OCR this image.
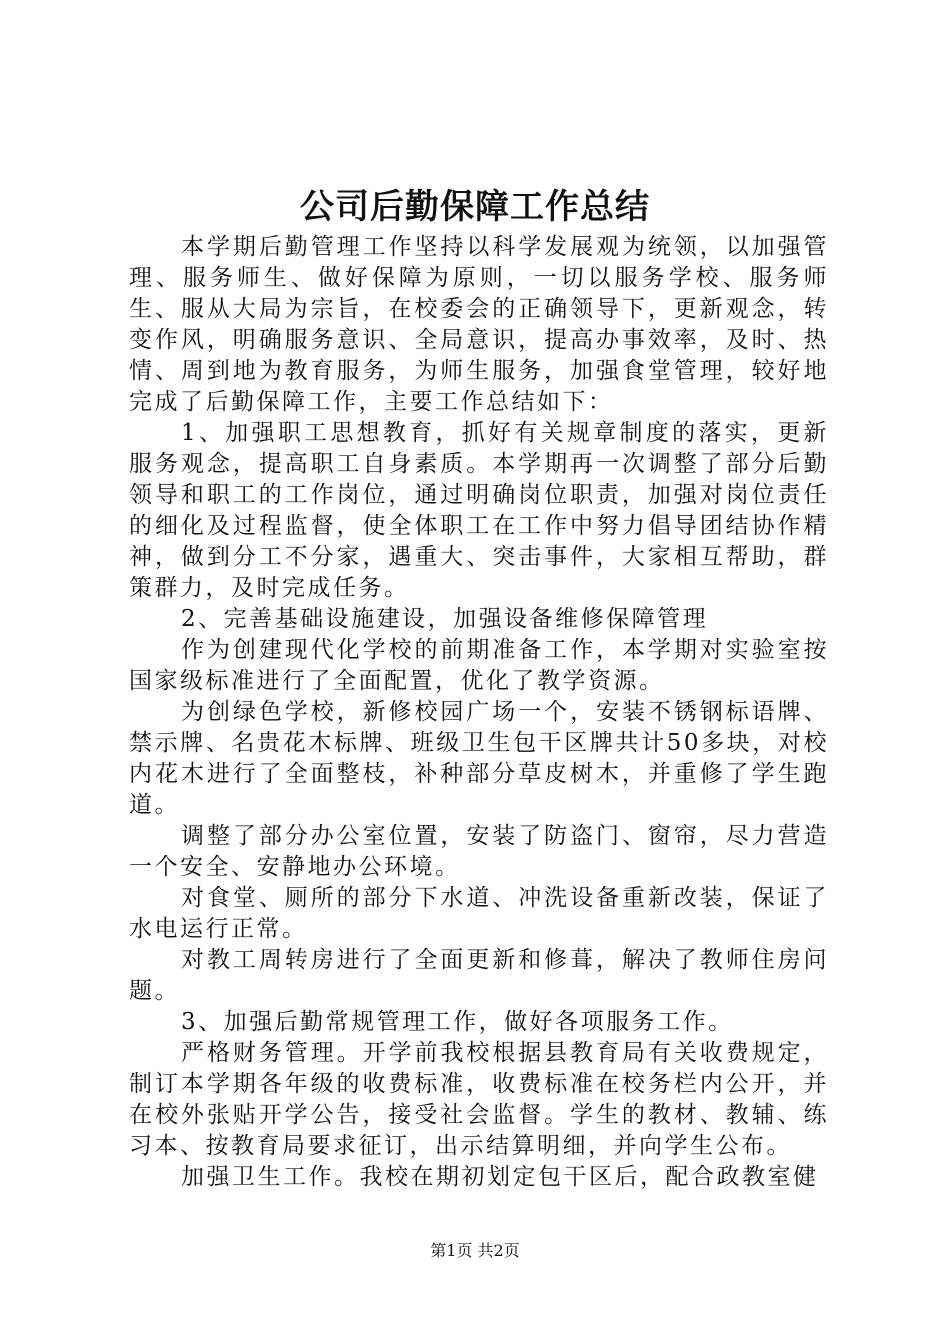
公司后勤保障工作总结

本学期后勤管理工作坚持以科学发展观为统领，以加强管理、服务师生、做好保障为原则，一切以服务学校、服务师生、服从大局为宗旨，在校委会的正确领导下，更新观念，转变作风，明确服务意识、全局意识，提高办事效率，及时、热情、周到地为教育服务，为师生服务，加强食堂管理，较好地完成了后勤保障工作，主要工作总结如下：

1、加强职工思想教育，抓好有关规章制度的落实，更新服务观念，提高职工自身素质。本学期再一次调整了部分后勤领导和职工的工作岗位，通过明确岗位职责，加强对岗位责任的细化及过程监督，使全体职工在工作中努力倡导团结协作精神，做到分工不分家，遇重大、突击事件，大家相互帮助，群策群力，及时完成任务。

2、完善基础设施建设，加强设备维修保障管理

作为创建现代化学校的前期准备工作，本学期对实验室按国家级标准进行了全面配置，优化了教学资源。

为创绿色学校，新修校园广场一个，安装不锈钢标语牌、禁示牌、名贵花木标牌、班级卫生包干区牌共计50多块，对校内花木进行了全面整枝，补种部分草皮树木，并重修了学生跑道。

调整了部分办公室位置，安装了防盗门、窗帘，尽力营造一个安全、安静地办公环境。

对食堂、厕所的部分下水道、冲洗设备重新改装，保证了水电运行正常。

对教工周转房进行了全面更新和修葺，解决了教师住房问题。

3、加强后勤常规管理工作，做好各项服务工作。

严格财务管理。开学前我校根据县教育局有关收费规定，制订本学期各年级的收费标准，收费标准在校务栏内公开，并在校外张贴开学公告，接受社会监督。学生的教材、教辅、练习本、按教育局要求征订，出示结算明细，并向学生公布。

加强卫生工作。我校在期初划定包干区后，配合政教室健

第1页 共2页
